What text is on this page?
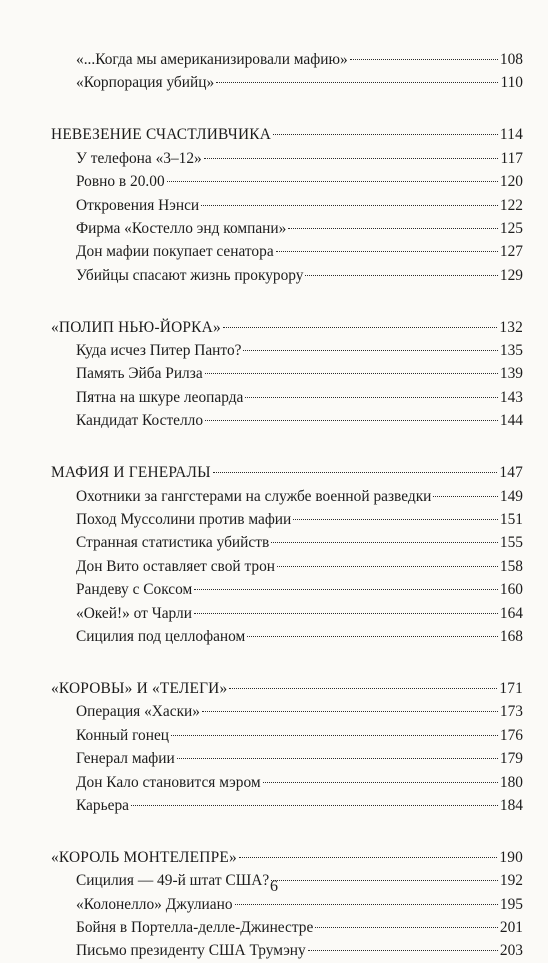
«...Когда мы американизировали мафию»	108
«Корпорация убийц»	110
НЕВЕЗЕНИЕ СЧАСТЛИВЧИКА	114
У телефона «3–12»	117
Ровно в 20.00	120
Откровения Нэнси	122
Фирма «Костелло энд компани»	125
Дон мафии покупает сенатора	127
Убийцы спасают жизнь прокурору	129
«ПОЛИП НЬЮ-ЙОРКА»	132
Куда исчез Питер Панто?	135
Память Эйба Рилза	139
Пятна на шкуре леопарда	143
Кандидат Костелло	144
МАФИЯ И ГЕНЕРАЛЫ	147
Охотники за гангстерами на службе военной разведки	149
Поход Муссолини против мафии	151
Странная статистика убийств	155
Дон Вито оставляет свой трон	158
Рандеву с Соксом	160
«Окей!» от Чарли	164
Сицилия под целлофаном	168
«КОРОВЫ» И «ТЕЛЕГИ»	171
Операция «Хаски»	173
Конный гонец	176
Генерал мафии	179
Дон Кало становится мэром	180
Карьера	184
«КОРОЛЬ МОНТЕЛЕПРЕ»	190
Сицилия — 49-й штат США?	192
«Колонелло» Джулиано	195
Бойня в Портелла-делле-Джинестре	201
Письмо президенту США Трумэну	203
6
